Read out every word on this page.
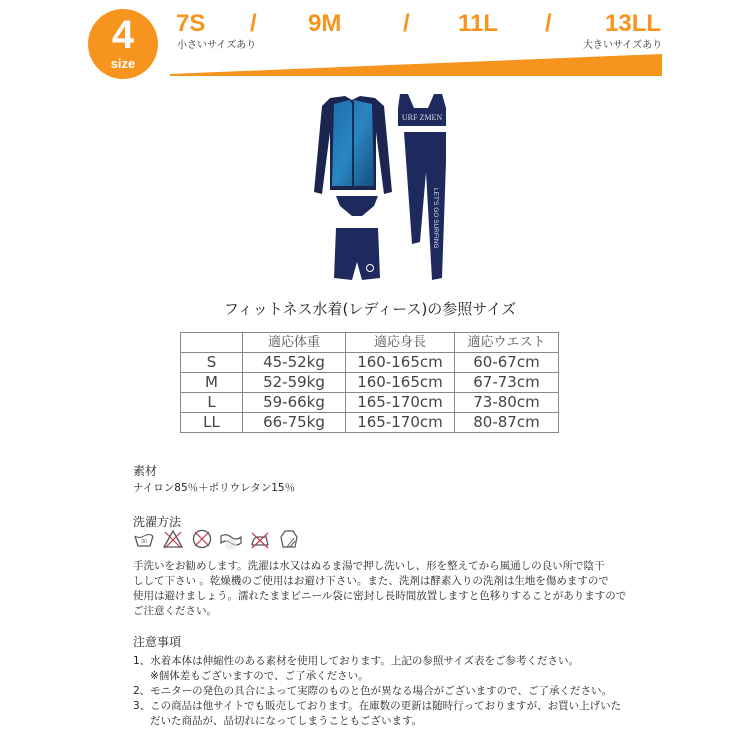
4
size
7S / 9M	/ 11L / 13LL
小さいサイズあり	大きいサイズあり
URF ZMEN
LET'S GO SURFING
フィットネス水着(レディース)の参照サイズ
	適応体重	適応身長	適応ウエスト
S	45-52kg	160-165cm	60-67cm
M	52-59kg	160-165cm	67-73cm
L	59-66kg	165-170cm	73-80cm
LL	66-75kg	165-170cm	80-87cm
素材
ナイロン85％＋ポリウレタン15％
洗濯方法
30
手洗いをお勧めします。洗濯は水又はぬるま湯で押し洗いし、形を整えてから風通しの良い所で陰干
しして下さい 。乾燥機のご使用はお避け下さい。また、洗剤は酵素入りの洗剤は生地を傷めますので
使用は避けましょう。濡れたままビニール袋に密封し長時間放置しますと色移りすることがありますので
ご注意ください。
注意事項
1、水着本体は伸縮性のある素材を使用しております。上記の参照サイズ表をご参考ください。
※個体差もございますので、ご了承ください。
2、モニターの発色の具合によって実際のものと色が異なる場合がございますので、ご了承ください。
3、この商品は他サイトでも販売しております。在庫数の更新は随時行っておりますが、お買い上げいた
だいた商品が、品切れになってしまうこともございます。
